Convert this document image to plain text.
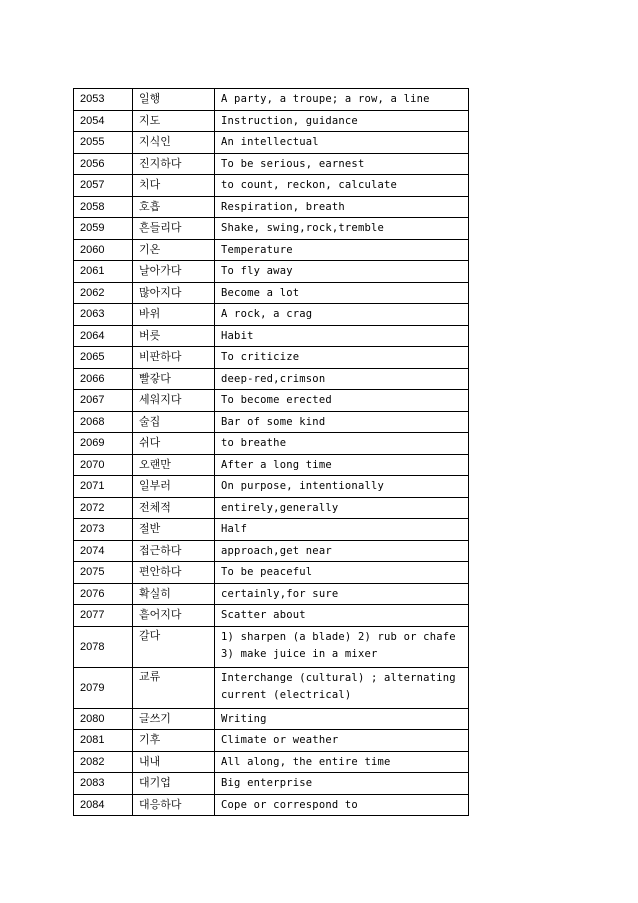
2053	일행	A party, a troupe; a row, a line
2054	지도	Instruction, guidance
2055	지식인	An intellectual
2056	진지하다	To be serious, earnest
2057	치다	to count, reckon, calculate
2058	호흡	Respiration, breath
2059	흔들리다	Shake, swing,rock,tremble
2060	기온	Temperature
2061	날아가다	To fly away
2062	많아지다	Become a lot
2063	바위	A rock, a crag
2064	버릇	Habit
2065	비판하다	To criticize
2066	빨갛다	deep-red,crimson
2067	세워지다	To become erected
2068	술집	Bar of some kind
2069	쉬다	to breathe
2070	오랜만	After a long time
2071	일부러	On purpose, intentionally
2072	전체적	entirely,generally
2073	절반	Half
2074	접근하다	approach,get near
2075	편안하다	To be peaceful
2076	확실히	certainly,for sure
2077	흩어지다	Scatter about
2078	갈다	1) sharpen (a blade) 2) rub or chafe 3) make juice in a mixer
2079	교류	Interchange (cultural) ; alternating current (electrical)
2080	글쓰기	Writing
2081	기후	Climate or weather
2082	내내	All along, the entire time
2083	대기업	Big enterprise
2084	대응하다	Cope or correspond to
